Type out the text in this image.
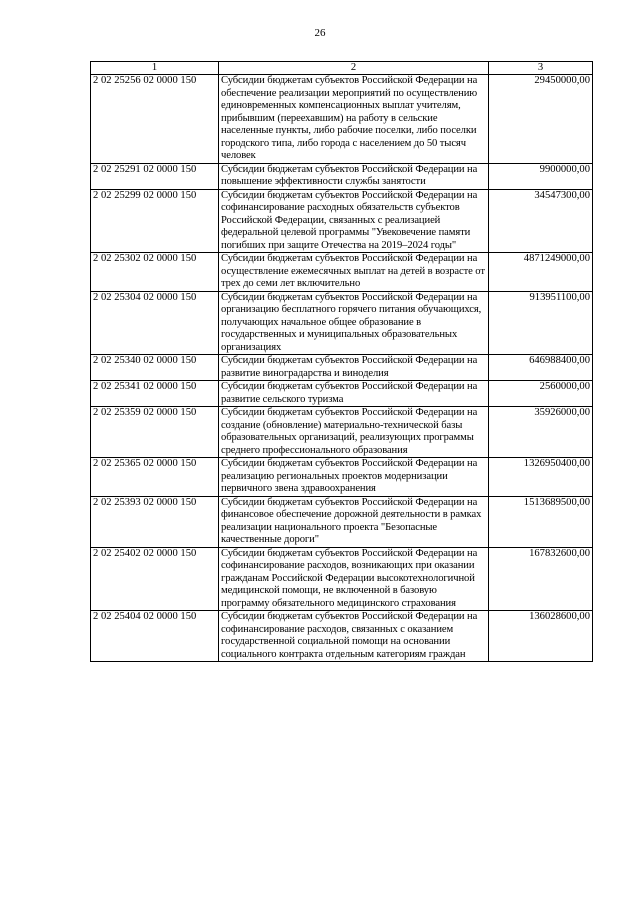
26
1	2	3
2 02 25256 02 0000 150	Субсидии бюджетам субъектов Российской Федерации на обеспечение реализации мероприятий по осуществлению единовременных компенсационных выплат учителям, прибывшим (переехавшим) на работу в сельские населенные пункты, либо рабочие поселки, либо поселки городского типа, либо города с населением до 50 тысяч человек	29450000,00
2 02 25291 02 0000 150	Субсидии бюджетам субъектов Российской Федерации на повышение эффективности службы занятости	9900000,00
2 02 25299 02 0000 150	Субсидии бюджетам субъектов Российской Федерации на софинансирование расходных обязательств субъектов Российской Федерации, связанных с реализацией федеральной целевой программы "Увековечение памяти погибших при защите Отечества на 2019–2024 годы"	34547300,00
2 02 25302 02 0000 150	Субсидии бюджетам субъектов Российской Федерации на осуществление ежемесячных выплат на детей в возрасте от трех до семи лет включительно	4871249000,00
2 02 25304 02 0000 150	Субсидии бюджетам субъектов Российской Федерации на организацию бесплатного горячего питания обучающихся, получающих начальное общее образование в государственных и муниципальных образовательных организациях	913951100,00
2 02 25340 02 0000 150	Субсидии бюджетам субъектов Российской Федерации на развитие виноградарства и виноделия	646988400,00
2 02 25341 02 0000 150	Субсидии бюджетам субъектов Российской Федерации на развитие сельского туризма	2560000,00
2 02 25359 02 0000 150	Субсидии бюджетам субъектов Российской Федерации на создание (обновление) материально-технической базы образовательных организаций, реализующих программы среднего профессионального образования	35926000,00
2 02 25365 02 0000 150	Субсидии бюджетам субъектов Российской Федерации на реализацию региональных проектов модернизации первичного звена здравоохранения	1326950400,00
2 02 25393 02 0000 150	Субсидии бюджетам субъектов Российской Федерации на финансовое обеспечение дорожной деятельности в рамках реализации национального проекта "Безопасные качественные дороги"	1513689500,00
2 02 25402 02 0000 150	Субсидии бюджетам субъектов Российской Федерации на софинансирование расходов, возникающих при оказании гражданам Российской Федерации высокотехнологичной медицинской помощи, не включенной в базовую программу обязательного медицинского страхования	167832600,00
2 02 25404 02 0000 150	Субсидии бюджетам субъектов Российской Федерации на софинансирование расходов, связанных с оказанием государственной социальной помощи на основании социального контракта отдельным категориям граждан	136028600,00
